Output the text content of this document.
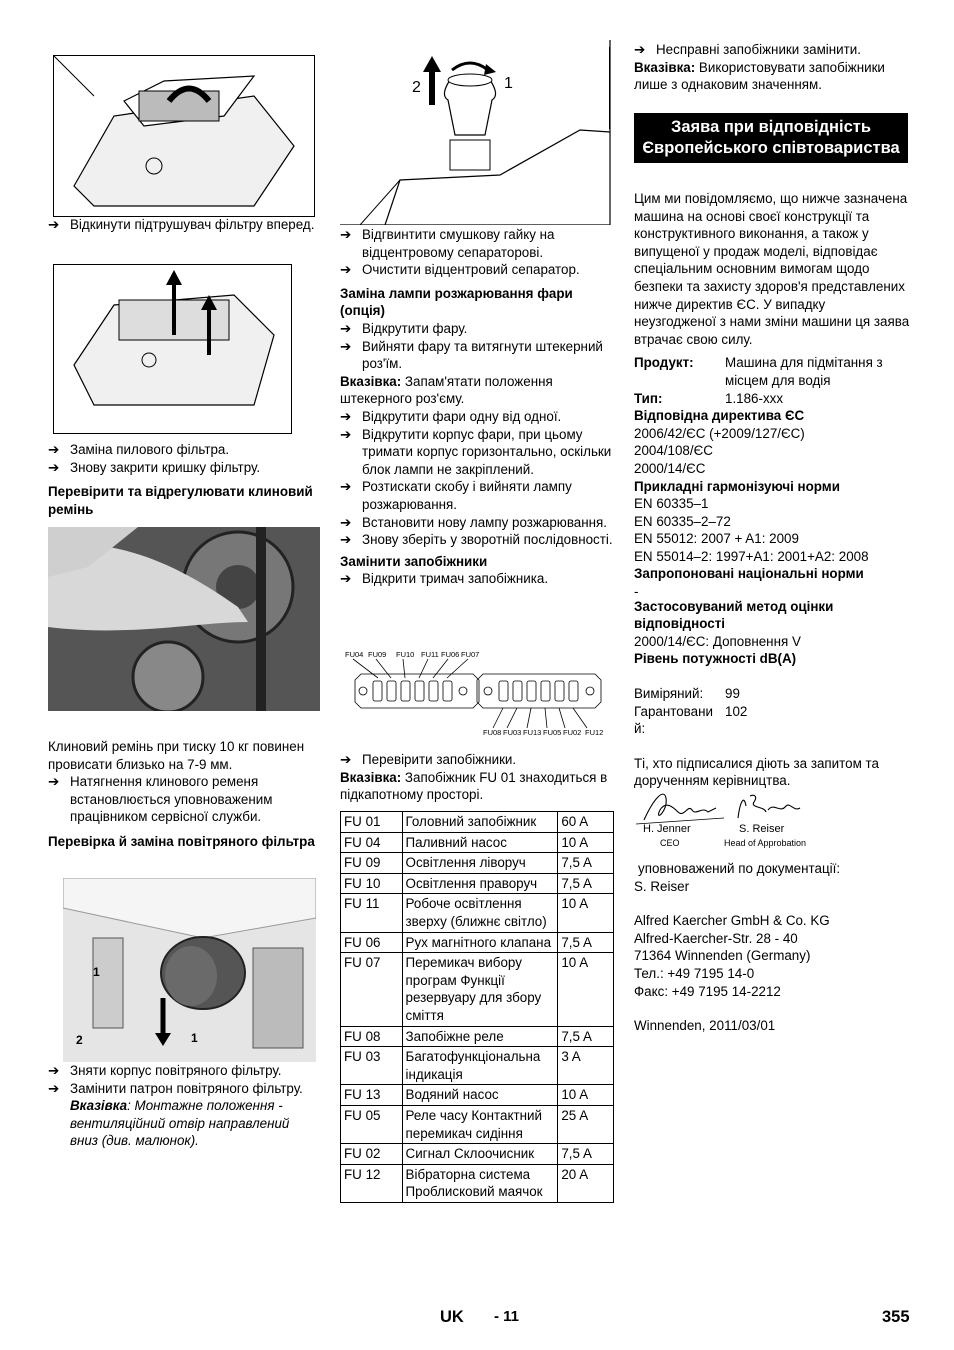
➔ Відкинути підтрушувач фільтру вперед.
➔ Заміна пилового фільтра.
➔ Знову закрити кришку фільтру.
Перевірити та відрегулювати клиновий ремінь
Клиновий ремінь при тиску 10 кг повинен провисати близько на 7-9 мм.
➔ Натягнення клинового ременя встановлюється уповноваженим працівником сервісної служби.
Перевірка й заміна повітряного фільтра
1
2	1
➔ Зняти корпус повітряного фільтру.
➔ Замінити патрон повітряного фільтру.
Вказівка: Монтажне положення - вентиляційний отвір направлений вниз (див. малюнок).
2	1
➔ Відгвинтити смушкову гайку на відцентровому сепараторові.
➔ Очистити відцентровий сепаратор.
Заміна лампи розжарювання фари (опція)
➔ Відкрутити фару.
➔ Вийняти фару та витягнути штекерний роз'їм.
Вказівка: Запам'ятати положення штекерного роз'єму.
➔ Відкрутити фари одну від одної.
➔ Відкрутити корпус фари, при цьому тримати корпус горизонтально, оскільки блок лампи не закріплений.
➔ Розтискати скобу і вийняти лампу розжарювання.
➔ Встановити нову лампу розжарювання.
➔ Знову зберіть у зворотній послідовності.
Замінити запобіжники
➔ Відкрити тримач запобіжника.
FU04 FU09 FU10 FU11 FU06 FU07
FU08 FU03 FU13 FU05 FU02 FU12
➔ Перевірити запобіжники.
Вказівка: Запобіжник FU 01 знаходиться в підкапотному просторі.
FU 01	Головний запобіжник	60 A
FU 04	Паливний насос	10 A
FU 09	Освітлення ліворуч	7,5 A
FU 10	Освітлення праворуч	7,5 A
FU 11	Робоче освітлення зверху (ближнє світло)	10 A
FU 06	Рух магнітного клапана	7,5 A
FU 07	Перемикач вибору програм Функції резервуару для збору сміття	10 A
FU 08	Запобіжне реле	7,5 A
FU 03	Багатофункціональна індикація	3 A
FU 13	Водяний насос	10 A
FU 05	Реле часу Контактний перемикач сидіння	25 A
FU 02	Сигнал Склоочисник	7,5 A
FU 12	Вібраторна система Проблисковий маячок	20 A
➔ Несправні запобіжники замінити.
Вказівка: Використовувати запобіжники лише з однаковим значенням.
Заява при відповідність Європейського співтовариства
Цим ми повідомляємо, що нижче зазначена машина на основі своєї конструкції та конструктивного виконання, а також у випущеної у продаж моделі, відповідає спеціальним основним вимогам щодо безпеки та захисту здоров'я представлених нижче директив ЄС. У випадку неузгодженої з нами зміни машини ця заява втрачає свою силу.
Продукт:	Машина для підмітання з місцем для водія
Тип:	1.186-xxx
Відповідна директива ЄС
2006/42/ЄС (+2009/127/ЄС)
2004/108/ЄС
2000/14/ЄС
Прикладні гармонізуючі норми
EN 60335–1
EN 60335–2–72
EN 55012: 2007 + A1: 2009
EN 55014–2: 1997+A1: 2001+A2: 2008
Запропоновані національні норми
-
Застосовуваний метод оцінки відповідності
2000/14/ЄС: Доповнення V
Рівень потужності dB(A)
Виміряний:	99
Гарантовани й:
102
Ті, хто підписалися діють за запитом та дорученням керівництва.
H. Jenner
CEO
S. Reiser
Head of Approbation
уповноважений по документації:
S. Reiser
Alfred Kaercher GmbH & Co. KG
Alfred-Kaercher-Str. 28 - 40
71364 Winnenden (Germany)
Тел.: +49 7195 14-0
Факс: +49 7195 14-2212
Winnenden, 2011/03/01
UK - 11	355
